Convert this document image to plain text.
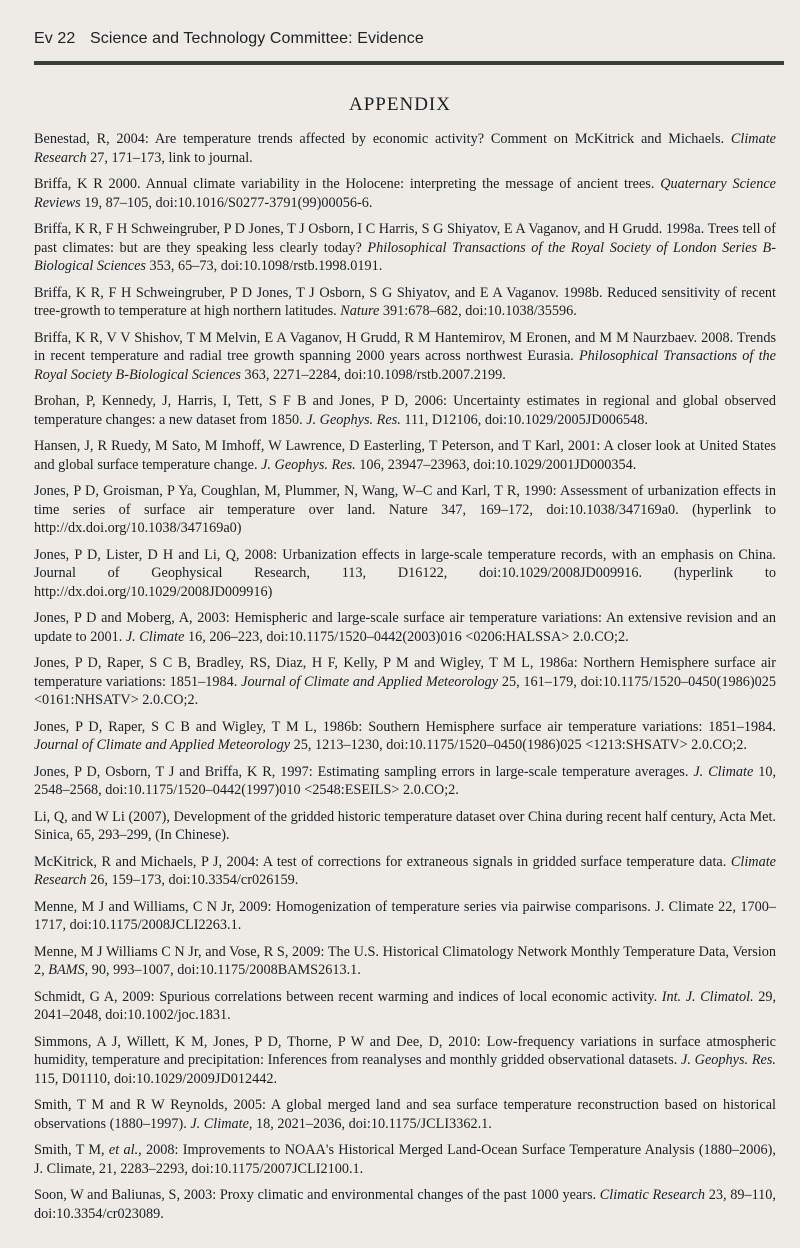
Ev 22 Science and Technology Committee: Evidence
APPENDIX

Benestad, R, 2004: Are temperature trends affected by economic activity? Comment on McKitrick and Michaels. Climate Research 27, 171–173, link to journal.

Briffa, K R 2000. Annual climate variability in the Holocene: interpreting the message of ancient trees. Quaternary Science Reviews 19, 87–105, doi:10.1016/S0277-3791(99)00056-6.

Briffa, K R, F H Schweingruber, P D Jones, T J Osborn, I C Harris, S G Shiyatov, E A Vaganov, and H Grudd. 1998a. Trees tell of past climates: but are they speaking less clearly today? Philosophical Transactions of the Royal Society of London Series B-Biological Sciences 353, 65–73, doi:10.1098/rstb.1998.0191.

Briffa, K R, F H Schweingruber, P D Jones, T J Osborn, S G Shiyatov, and E A Vaganov. 1998b. Reduced sensitivity of recent tree-growth to temperature at high northern latitudes. Nature 391:678–682, doi:10.1038/35596.

Briffa, K R, V V Shishov, T M Melvin, E A Vaganov, H Grudd, R M Hantemirov, M Eronen, and M M Naurzbaev. 2008. Trends in recent temperature and radial tree growth spanning 2000 years across northwest Eurasia. Philosophical Transactions of the Royal Society B-Biological Sciences 363, 2271–2284, doi:10.1098/rstb.2007.2199.

Brohan, P, Kennedy, J, Harris, I, Tett, S F B and Jones, P D, 2006: Uncertainty estimates in regional and global observed temperature changes: a new dataset from 1850. J. Geophys. Res. 111, D12106, doi:10.1029/2005JD006548.

Hansen, J, R Ruedy, M Sato, M Imhoff, W Lawrence, D Easterling, T Peterson, and T Karl, 2001: A closer look at United States and global surface temperature change. J. Geophys. Res. 106, 23947–23963, doi:10.1029/2001JD000354.

Jones, P D, Groisman, P Ya, Coughlan, M, Plummer, N, Wang, W–C and Karl, T R, 1990: Assessment of urbanization effects in time series of surface air temperature over land. Nature 347, 169–172, doi:10.1038/347169a0. (hyperlink to http://dx.doi.org/10.1038/347169a0)

Jones, P D, Lister, D H and Li, Q, 2008: Urbanization effects in large-scale temperature records, with an emphasis on China. Journal of Geophysical Research, 113, D16122, doi:10.1029/2008JD009916. (hyperlink to http://dx.doi.org/10.1029/2008JD009916)

Jones, P D and Moberg, A, 2003: Hemispheric and large-scale surface air temperature variations: An extensive revision and an update to 2001. J. Climate 16, 206–223, doi:10.1175/1520–0442(2003)016 <0206:HALSSA> 2.0.CO;2.

Jones, P D, Raper, S C B, Bradley, RS, Diaz, H F, Kelly, P M and Wigley, T M L, 1986a: Northern Hemisphere surface air temperature variations: 1851–1984. Journal of Climate and Applied Meteorology 25, 161–179, doi:10.1175/1520–0450(1986)025 <0161:NHSATV> 2.0.CO;2.

Jones, P D, Raper, S C B and Wigley, T M L, 1986b: Southern Hemisphere surface air temperature variations: 1851–1984. Journal of Climate and Applied Meteorology 25, 1213–1230, doi:10.1175/1520–0450(1986)025 <1213:SHSATV> 2.0.CO;2.

Jones, P D, Osborn, T J and Briffa, K R, 1997: Estimating sampling errors in large-scale temperature averages. J. Climate 10, 2548–2568, doi:10.1175/1520–0442(1997)010 <2548:ESEILS> 2.0.CO;2.

Li, Q, and W Li (2007), Development of the gridded historic temperature dataset over China during recent half century, Acta Met. Sinica, 65, 293–299, (In Chinese).

McKitrick, R and Michaels, P J, 2004: A test of corrections for extraneous signals in gridded surface temperature data. Climate Research 26, 159–173, doi:10.3354/cr026159.

Menne, M J and Williams, C N Jr, 2009: Homogenization of temperature series via pairwise comparisons. J. Climate 22, 1700–1717, doi:10.1175/2008JCLI2263.1.

Menne, M J Williams C N Jr, and Vose, R S, 2009: The U.S. Historical Climatology Network Monthly Temperature Data, Version 2, BAMS, 90, 993–1007, doi:10.1175/2008BAMS2613.1.

Schmidt, G A, 2009: Spurious correlations between recent warming and indices of local economic activity. Int. J. Climatol. 29, 2041–2048, doi:10.1002/joc.1831.

Simmons, A J, Willett, K M, Jones, P D, Thorne, P W and Dee, D, 2010: Low-frequency variations in surface atmospheric humidity, temperature and precipitation: Inferences from reanalyses and monthly gridded observational datasets. J. Geophys. Res. 115, D01110, doi:10.1029/2009JD012442.

Smith, T M and R W Reynolds, 2005: A global merged land and sea surface temperature reconstruction based on historical observations (1880–1997). J. Climate, 18, 2021–2036, doi:10.1175/JCLI3362.1.

Smith, T M, et al., 2008: Improvements to NOAA's Historical Merged Land-Ocean Surface Temperature Analysis (1880–2006), J. Climate, 21, 2283–2293, doi:10.1175/2007JCLI2100.1.

Soon, W and Baliunas, S, 2003: Proxy climatic and environmental changes of the past 1000 years. Climatic Research 23, 89–110, doi:10.3354/cr023089.
